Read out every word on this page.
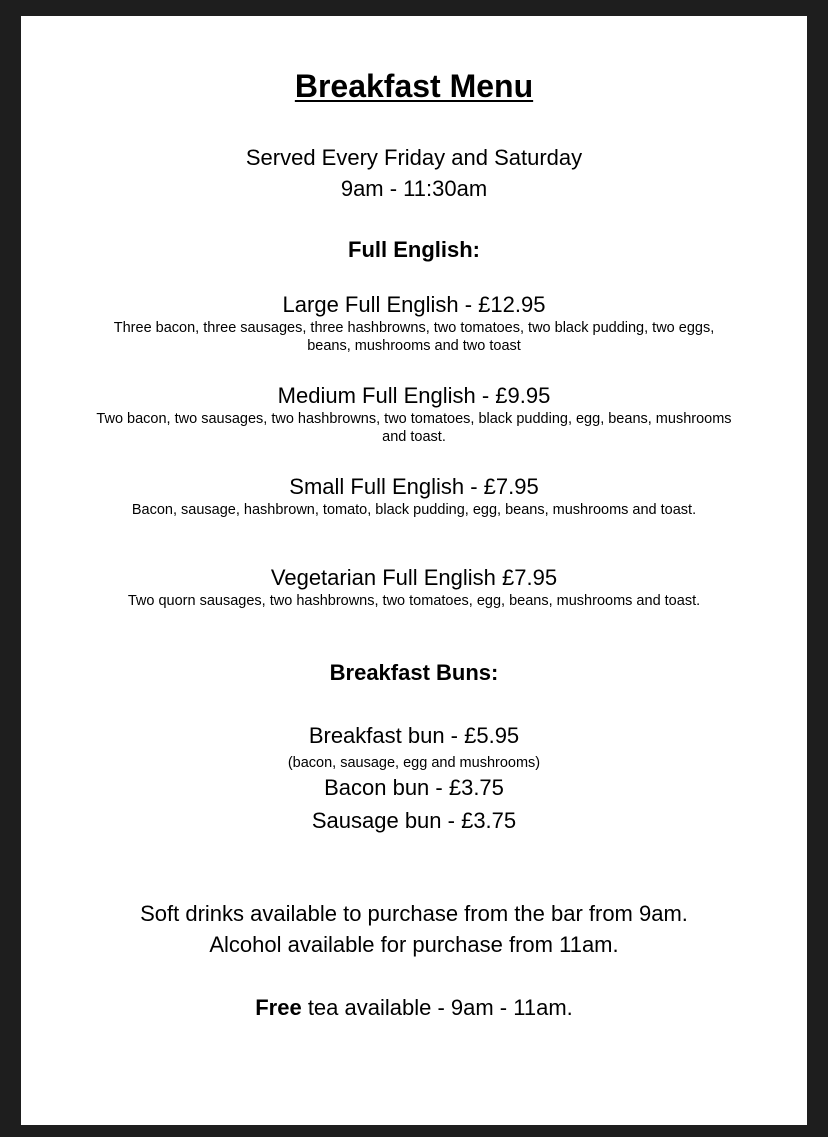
Breakfast Menu
Served Every Friday and Saturday
9am - 11:30am
Full English:
Large Full English - £12.95
Three bacon, three sausages, three hashbrowns, two tomatoes, two black pudding, two eggs, beans, mushrooms and two toast
Medium Full English - £9.95
Two bacon, two sausages, two hashbrowns, two tomatoes, black pudding, egg, beans, mushrooms and toast.
Small Full English - £7.95
Bacon, sausage, hashbrown, tomato, black pudding, egg, beans, mushrooms and toast.
Vegetarian Full English £7.95
Two quorn sausages, two hashbrowns, two tomatoes, egg, beans, mushrooms and toast.
Breakfast Buns:
Breakfast bun - £5.95
(bacon, sausage, egg and mushrooms)
Bacon bun - £3.75
Sausage bun - £3.75
Soft drinks available to purchase from the bar from 9am.
Alcohol available for purchase from 11am.
Free tea available - 9am - 11am.
